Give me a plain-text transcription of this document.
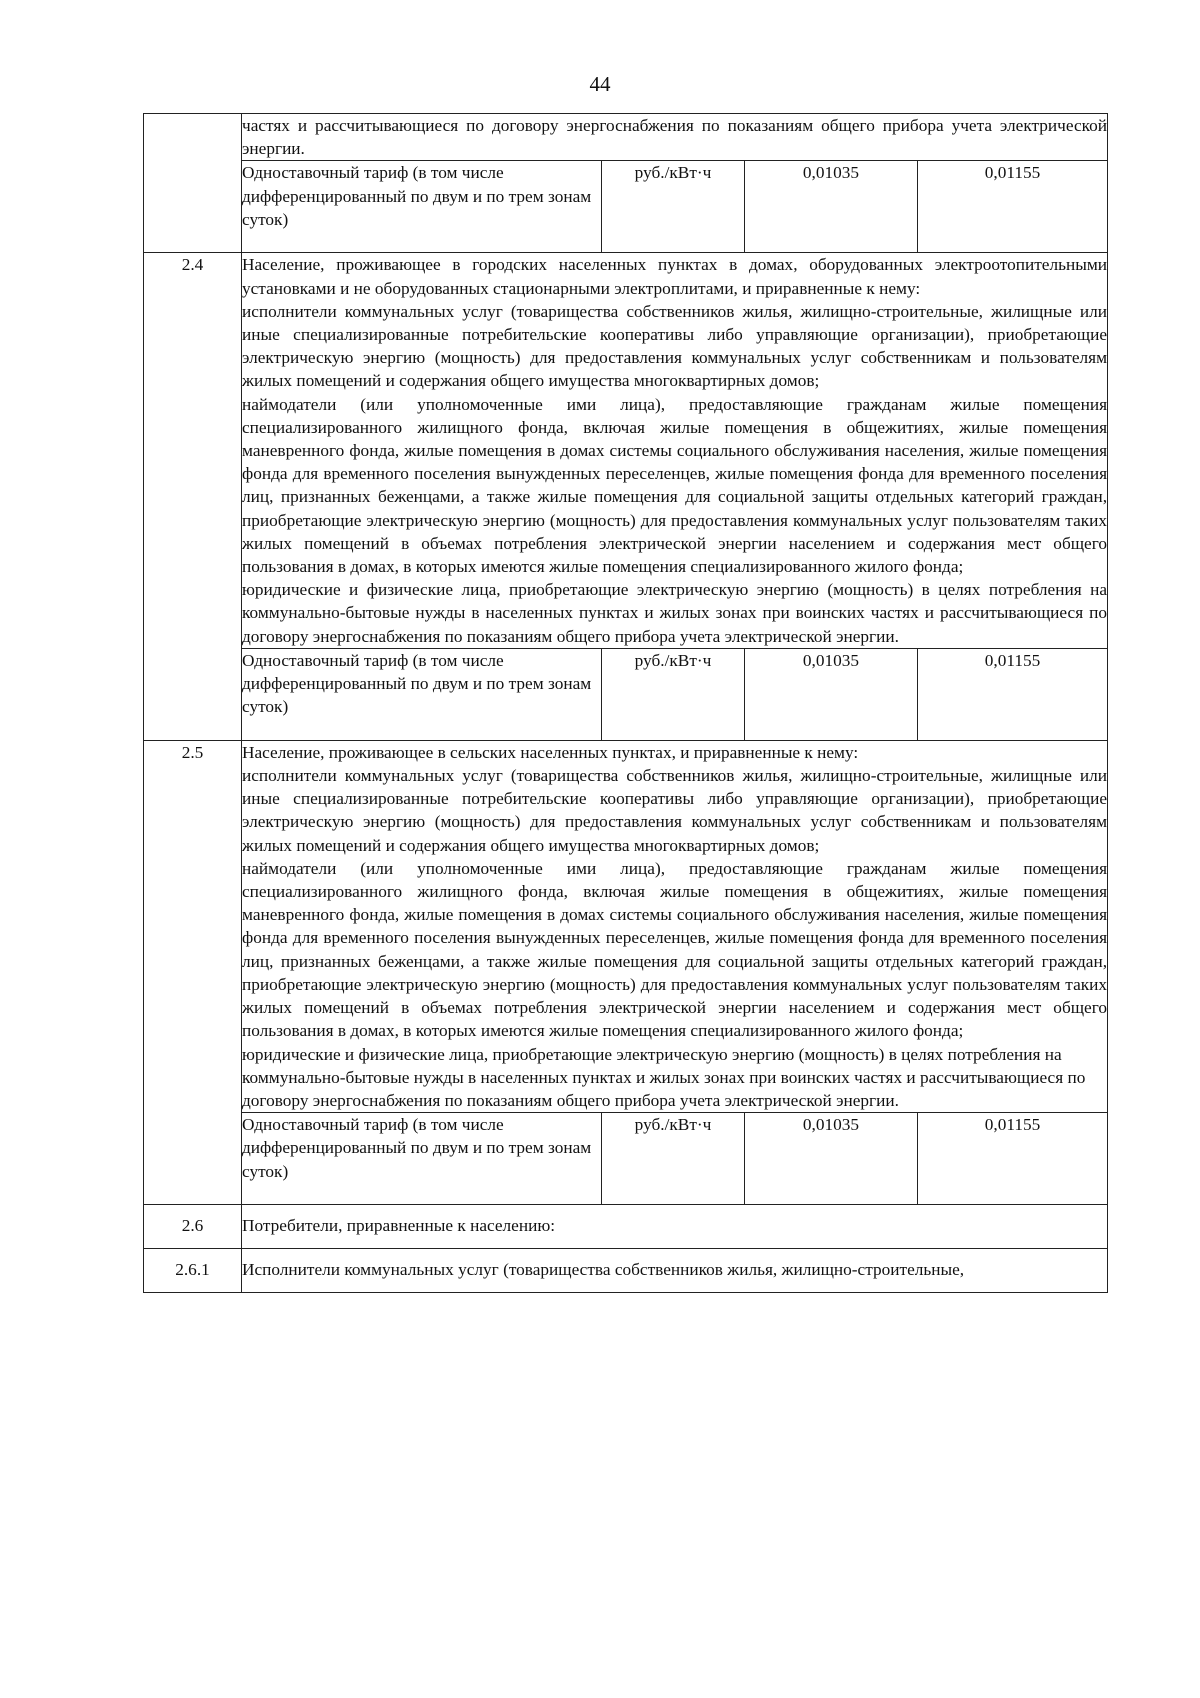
44

	частях и рассчитывающиеся по договору энергоснабжения по показаниям общего прибора учета электрической энергии.			

	Одноставочный тариф (в том числе дифференцированный по двум и по трем зонам суток)	руб./кВт·ч	0,01035	0,01155
2.4	Население, проживающее в городских населенных пунктах в домах, оборудованных электроотопительными установками и не оборудованных стационарными электроплитами, и приравненные к нему:
исполнители коммунальных услуг (товарищества собственников жилья, жилищно-строительные, жилищные или иные специализированные потребительские кооперативы либо управляющие организации), приобретающие электрическую энергию (мощность) для предоставления коммунальных услуг собственникам и пользователям жилых помещений и содержания общего имущества многоквартирных домов;
наймодатели (или уполномоченные ими лица), предоставляющие гражданам жилые помещения специализированного жилищного фонда, включая жилые помещения в общежитиях, жилые помещения маневренного фонда, жилые помещения в домах системы социального обслуживания населения, жилые помещения фонда для временного поселения вынужденных переселенцев, жилые помещения фонда для временного поселения лиц, признанных беженцами, а также жилые помещения для социальной защиты отдельных категорий граждан, приобретающие электрическую энергию (мощность) для предоставления коммунальных услуг пользователям таких жилых помещений в объемах потребления электрической энергии населением и содержания мест общего пользования в домах, в которых имеются жилые помещения специализированного жилого фонда;
юридические и физические лица, приобретающие электрическую энергию (мощность) в целях потребления на коммунально-бытовые нужды в населенных пунктах и жилых зонах при воинских частях и рассчитывающиеся по договору энергоснабжения по показаниям общего прибора учета электрической энергии.			

	Одноставочный тариф (в том числе дифференцированный по двум и по трем зонам суток)	руб./кВт·ч	0,01035	0,01155
2.5	Население, проживающее в сельских населенных пунктах, и приравненные к нему:
исполнители коммунальных услуг (товарищества собственников жилья, жилищно-строительные, жилищные или иные специализированные потребительские кооперативы либо управляющие организации), приобретающие электрическую энергию (мощность) для предоставления коммунальных услуг собственникам и пользователям жилых помещений и содержания общего имущества многоквартирных домов;
наймодатели (или уполномоченные ими лица), предоставляющие гражданам жилые помещения специализированного жилищного фонда, включая жилые помещения в общежитиях, жилые помещения маневренного фонда, жилые помещения в домах системы социального обслуживания населения, жилые помещения фонда для временного поселения вынужденных переселенцев, жилые помещения фонда для временного поселения лиц, признанных беженцами, а также жилые помещения для социальной защиты отдельных категорий граждан, приобретающие электрическую энергию (мощность) для предоставления коммунальных услуг пользователям таких жилых помещений в объемах потребления электрической энергии населением и содержания мест общего пользования в домах, в которых имеются жилые помещения специализированного жилого фонда;
юридические и физические лица, приобретающие электрическую энергию (мощность) в целях потребления на коммунально-бытовые нужды в населенных пунктах и жилых зонах при воинских частях и рассчитывающиеся по договору энергоснабжения по показаниям общего прибора учета электрической энергии.			

	Одноставочный тариф (в том числе дифференцированный по двум и по трем зонам суток)	руб./кВт·ч	0,01035	0,01155
2.6	Потребители, приравненные к населению:			

2.6.1	Исполнители коммунальных услуг (товарищества собственников жилья, жилищно-строительные,			
